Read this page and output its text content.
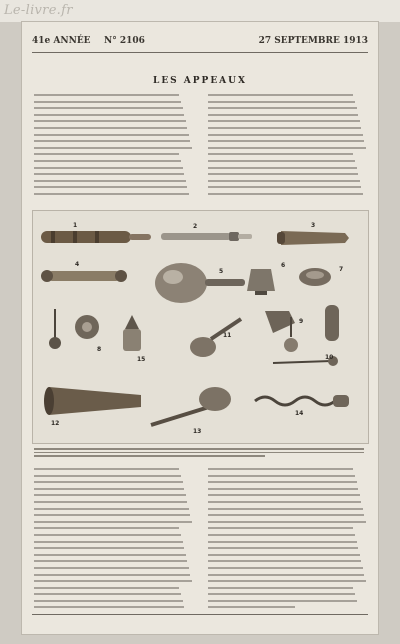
Le-livre.fr
41e ANNÉE N° 2106	27 SEPTEMBRE 1913
LES APPEAUX
1	2	3
4
5
6
7
8
9
10
11
12
13
14
15
